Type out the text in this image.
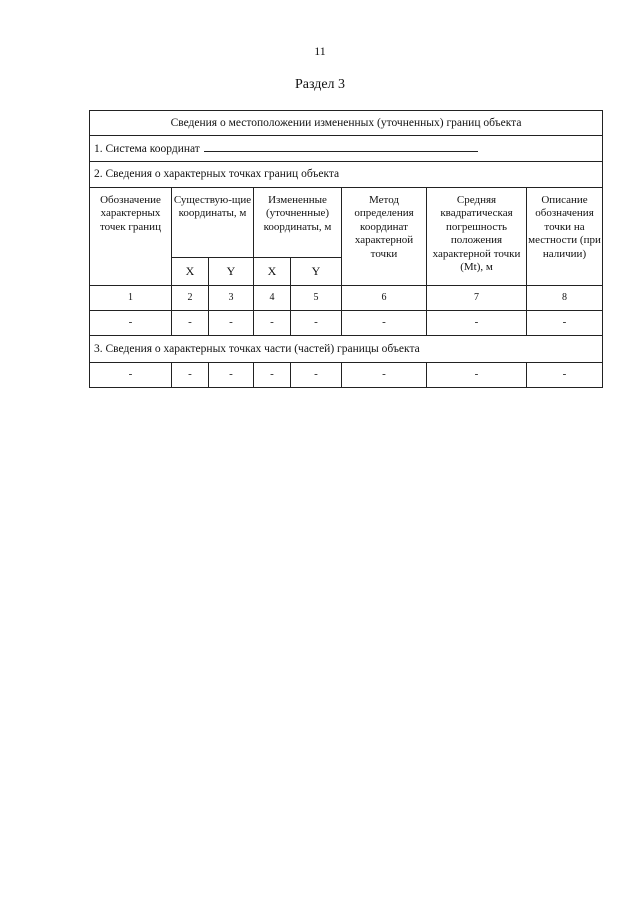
11
Раздел 3
Сведения о местоположении измененных (уточненных) границ объекта							
1. Система координат							
2. Сведения о характерных точках границ объекта							
Обозначение характерных точек границ	Существую-щие координаты, м		Измененные (уточненные) координаты, м		Метод определения координат характерной точки	Средняя квадратическая погрешность положения характерной точки (Mt), м	Описание обозначения точки на местности (при наличии)
	X	Y	X	Y			
1	2	3	4	5	6	7	8
-	-	-	-	-	-	-	-
3. Сведения о характерных точках части (частей) границы объекта							
-	-	-	-	-	-	-	-
